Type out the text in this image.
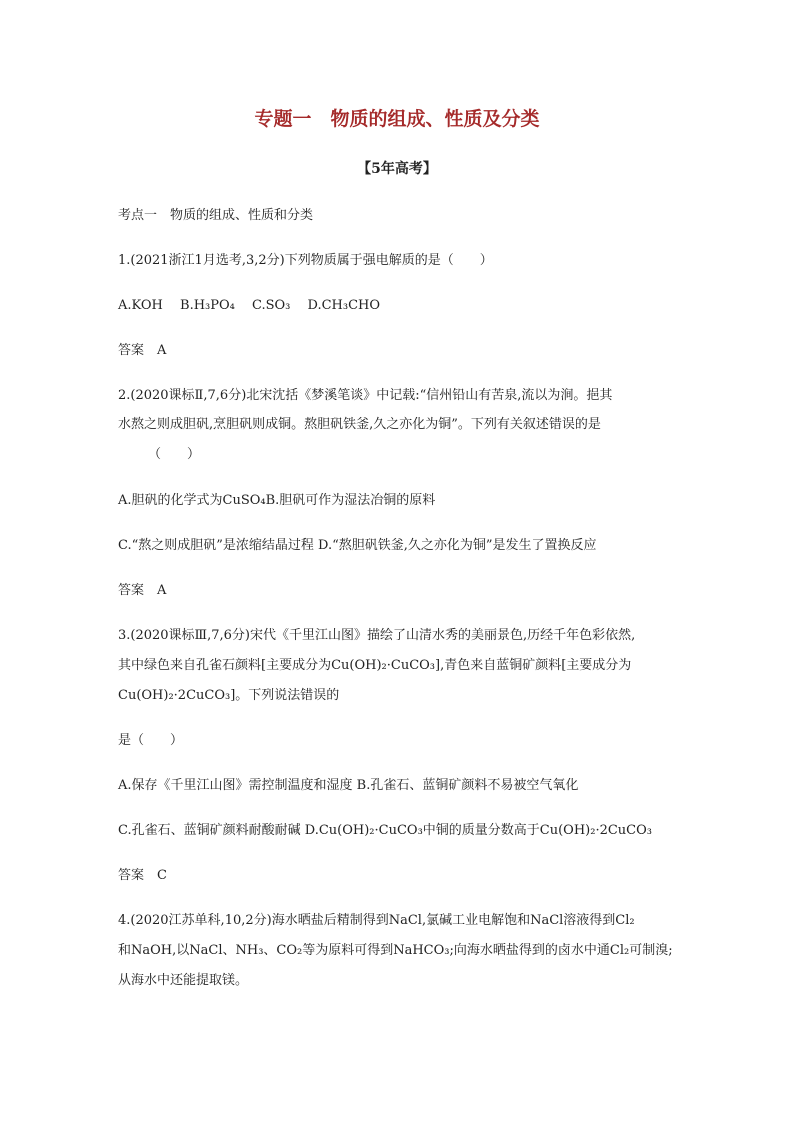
专题一　物质的组成、性质及分类
【5年高考】
考点一　物质的组成、性质和分类
1.(2021浙江1月选考,3,2分)下列物质属于强电解质的是（　　）
A.KOH　 B.H₃PO₄　 C.SO₃　 D.CH₃CHO
答案　A
2.(2020课标Ⅱ,7,6分)北宋沈括《梦溪笔谈》中记载:“信州铅山有苦泉,流以为涧。挹其
水熬之则成胆矾,烹胆矾则成铜。熬胆矾铁釜,久之亦化为铜”。下列有关叙述错误的是
（　　）
A.胆矾的化学式为CuSO₄B.胆矾可作为湿法冶铜的原料
C.“熬之则成胆矾”是浓缩结晶过程 D.“熬胆矾铁釜,久之亦化为铜”是发生了置换反应
答案　A
3.(2020课标Ⅲ,7,6分)宋代《千里江山图》描绘了山清水秀的美丽景色,历经千年色彩依然,
其中绿色来自孔雀石颜料[主要成分为Cu(OH)₂·CuCO₃],青色来自蓝铜矿颜料[主要成分为
Cu(OH)₂·2CuCO₃]。下列说法错误的
是（　　）
A.保存《千里江山图》需控制温度和湿度 B.孔雀石、蓝铜矿颜料不易被空气氧化
C.孔雀石、蓝铜矿颜料耐酸耐碱 D.Cu(OH)₂·CuCO₃中铜的质量分数高于Cu(OH)₂·2CuCO₃
答案　C
4.(2020江苏单科,10,2分)海水晒盐后精制得到NaCl,氯碱工业电解饱和NaCl溶液得到Cl₂
和NaOH,以NaCl、NH₃、CO₂等为原料可得到NaHCO₃;向海水晒盐得到的卤水中通Cl₂可制溴;
从海水中还能提取镁。
